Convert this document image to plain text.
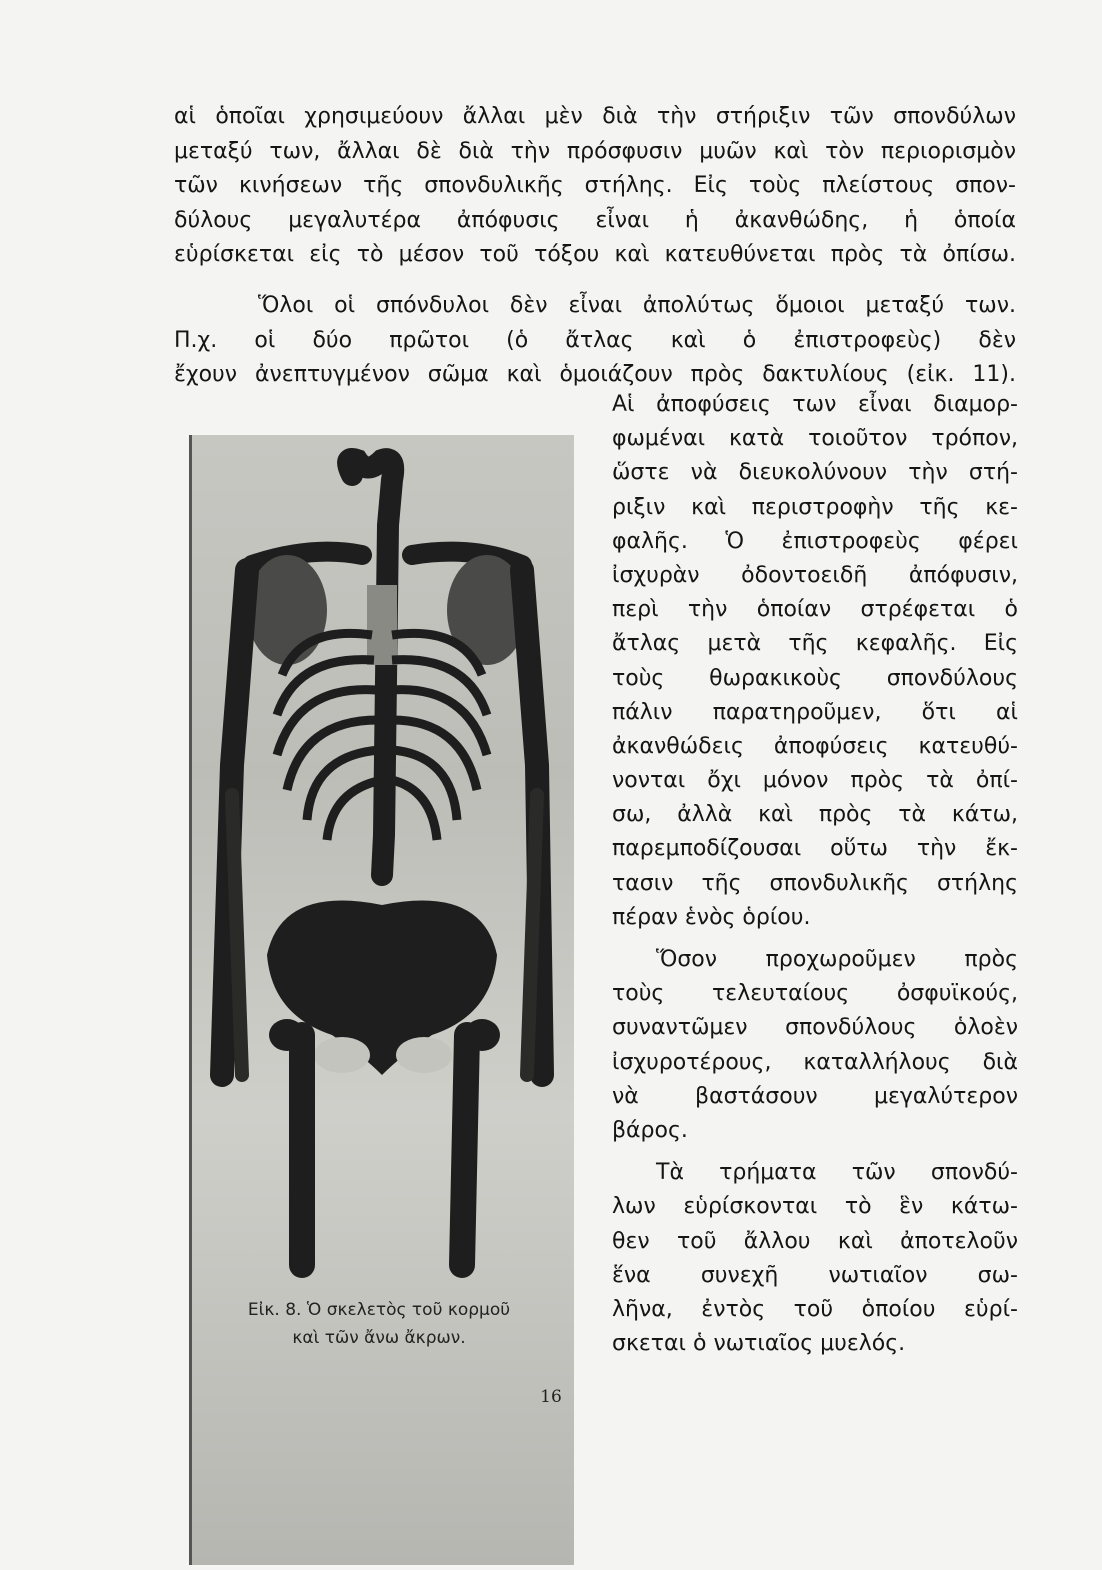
αἱ ὁποῖαι χρησιμεύουν ἄλλαι μὲν διὰ τὴν στήριξιν τῶν σπονδύλων
μεταξύ των, ἄλλαι δὲ διὰ τὴν πρόσφυσιν μυῶν καὶ τὸν περιορισμὸν
τῶν κινήσεων τῆς σπονδυλικῆς στήλης. Εἰς τοὺς πλείστους σπον-
δύλους μεγαλυτέρα ἀπόφυσις εἶναι ἡ ἀκανθώδης, ἡ ὁποία
εὑρίσκεται εἰς τὸ μέσον τοῦ τόξου καὶ κατευθύνεται πρὸς τὰ ὀπίσω.
Ὅλοι οἱ σπόνδυλοι δὲν εἶναι ἀπολύτως ὅμοιοι μεταξύ των.
Π.χ. οἱ δύο πρῶτοι (ὁ ἄτλας καὶ ὁ ἐπιστροφεὺς) δὲν
ἔχουν ἀνεπτυγμένον σῶμα καὶ ὁμοιάζουν πρὸς δακτυλίους (εἰκ. 11).
Εἰκ. 8. Ὁ σκελετὸς τοῦ κορμοῦ
καὶ τῶν ἄνω ἄκρων.
Αἱ ἀποφύσεις των εἶναι διαμορ-
φωμέναι κατὰ τοιοῦτον τρόπον,
ὥστε νὰ διευκολύνουν τὴν στή-
ριξιν καὶ περιστροφὴν τῆς κε-
φαλῆς. Ὁ ἐπιστροφεὺς φέρει
ἰσχυρὰν ὀδοντοειδῆ ἀπόφυσιν,
περὶ τὴν ὁποίαν στρέφεται ὁ
ἄτλας μετὰ τῆς κεφαλῆς. Εἰς
τοὺς θωρακικοὺς σπονδύλους
πάλιν παρατηροῦμεν, ὅτι αἱ
ἀκανθώδεις ἀποφύσεις κατευθύ-
νονται ὄχι μόνον πρὸς τὰ ὀπί-
σω, ἀλλὰ καὶ πρὸς τὰ κάτω,
παρεμποδίζουσαι οὕτω τὴν ἔκ-
τασιν τῆς σπονδυλικῆς στήλης
πέραν ἑνὸς ὁρίου.
Ὅσον προχωροῦμεν πρὸς
τοὺς τελευταίους ὀσφυϊκούς,
συναντῶμεν σπονδύλους ὁλοὲν
ἰσχυροτέρους, καταλλήλους διὰ
νὰ βαστάσουν μεγαλύτερον
βάρος.
Τὰ τρήματα τῶν σπονδύ-
λων εὑρίσκονται τὸ ἓν κάτω-
θεν τοῦ ἄλλου καὶ ἀποτελοῦν
ἕνα συνεχῆ νωτιαῖον σω-
λῆνα, ἐντὸς τοῦ ὁποίου εὑρί-
σκεται ὁ νωτιαῖος μυελός.
16
